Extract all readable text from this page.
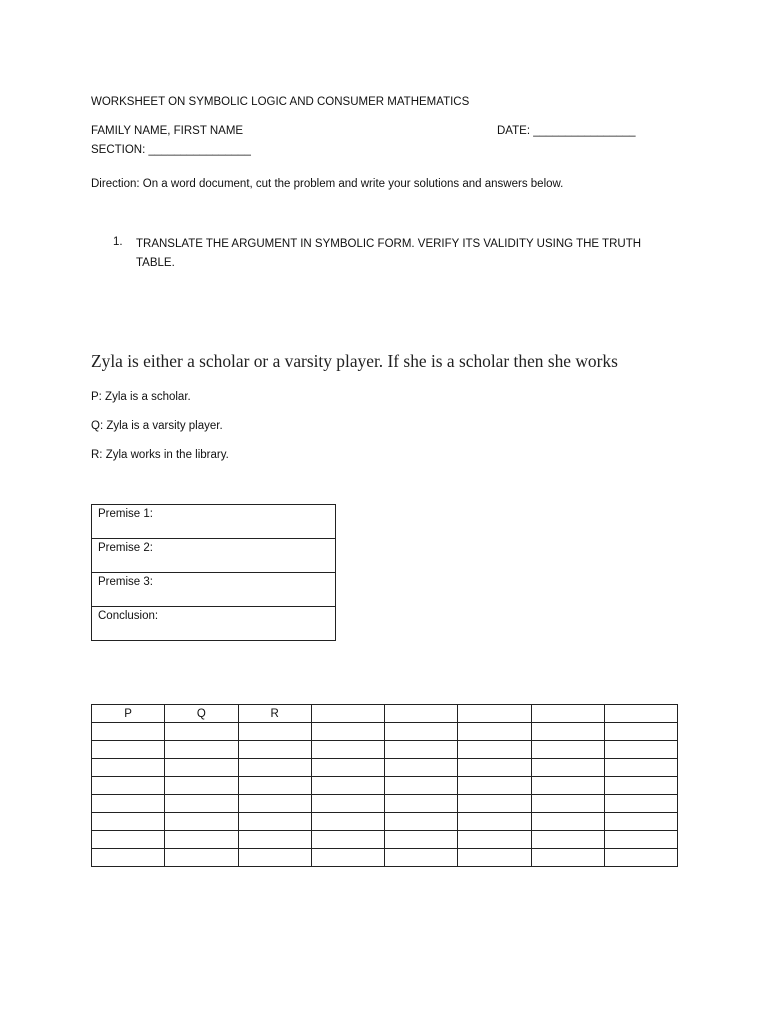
WORKSHEET ON SYMBOLIC LOGIC AND CONSUMER MATHEMATICS
FAMILY NAME, FIRST NAME	DATE: ________________
SECTION: ________________
Direction: On a word document, cut the problem and write your solutions and answers below.
1. TRANSLATE THE ARGUMENT IN SYMBOLIC FORM. VERIFY ITS VALIDITY USING THE TRUTH TABLE.

Zyla is either a scholar or a varsity player. If she is a scholar then she works

P: Zyla is a scholar.
Q: Zyla is a varsity player.
R: Zyla works in the library.
Premise 1:
Premise 2:
Premise 3:
Conclusion:
P	Q	R					
